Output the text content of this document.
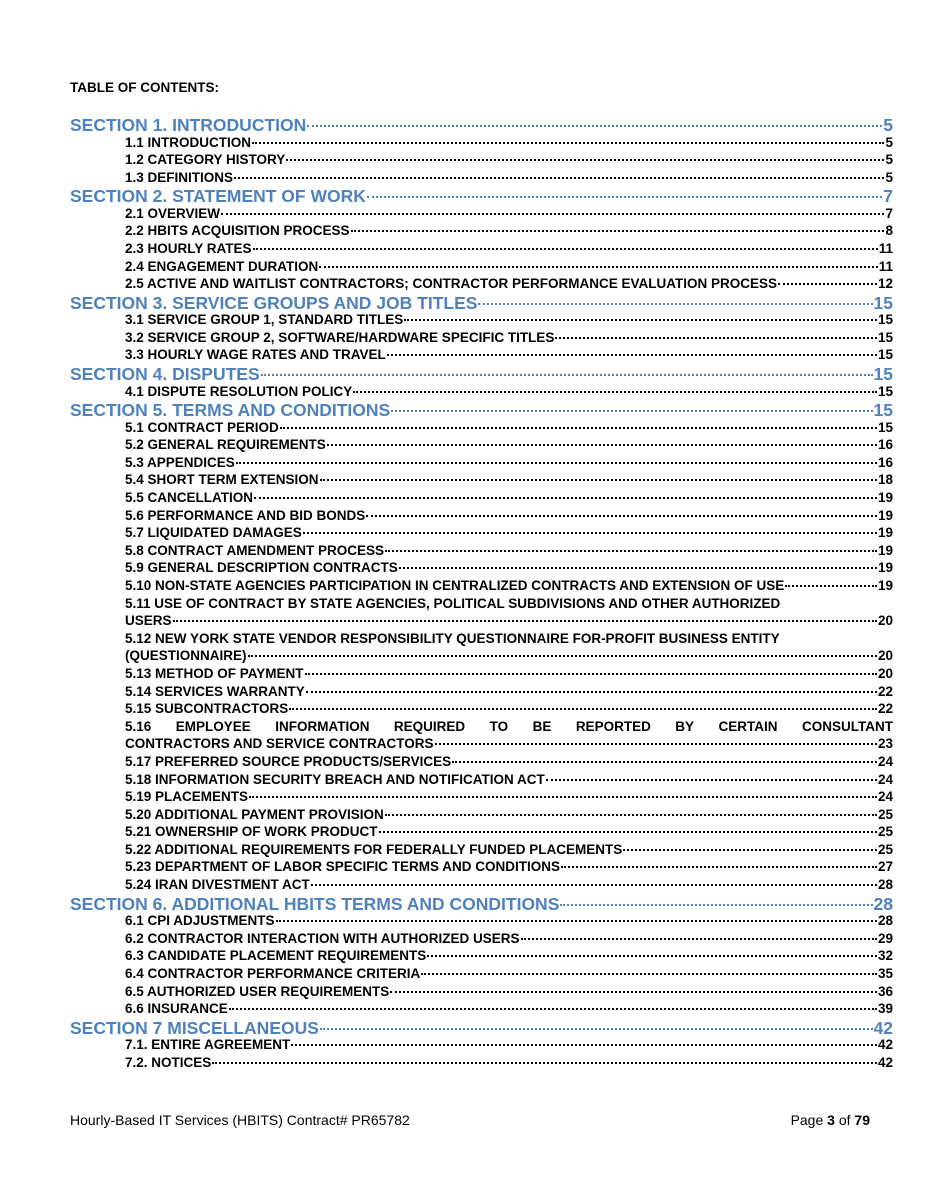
TABLE OF CONTENTS:
SECTION 1. INTRODUCTION	5
1.1 INTRODUCTION	5
1.2 CATEGORY HISTORY	5
1.3 DEFINITIONS	5
SECTION 2. STATEMENT OF WORK	7
2.1 OVERVIEW	7
2.2 HBITS ACQUISITION PROCESS	8
2.3 HOURLY RATES	11
2.4 ENGAGEMENT DURATION	11
2.5 ACTIVE AND WAITLIST CONTRACTORS; CONTRACTOR PERFORMANCE EVALUATION PROCESS	12
SECTION 3. SERVICE GROUPS AND JOB TITLES	15
3.1 SERVICE GROUP 1, STANDARD TITLES	15
3.2 SERVICE GROUP 2, SOFTWARE/HARDWARE SPECIFIC TITLES	15
3.3 HOURLY WAGE RATES AND TRAVEL	15
SECTION 4. DISPUTES	15
4.1 DISPUTE RESOLUTION POLICY	15
SECTION 5. TERMS AND CONDITIONS	15
5.1 CONTRACT PERIOD	15
5.2 GENERAL REQUIREMENTS	16
5.3 APPENDICES	16
5.4 SHORT TERM EXTENSION	18
5.5 CANCELLATION	19
5.6 PERFORMANCE AND BID BONDS	19
5.7 LIQUIDATED DAMAGES	19
5.8 CONTRACT AMENDMENT PROCESS	19
5.9 GENERAL DESCRIPTION CONTRACTS	19
5.10 NON-STATE AGENCIES PARTICIPATION IN CENTRALIZED CONTRACTS AND EXTENSION OF USE	19
5.11 USE OF CONTRACT BY STATE AGENCIES, POLITICAL SUBDIVISIONS AND OTHER AUTHORIZED
USERS	20
5.12 NEW YORK STATE VENDOR RESPONSIBILITY QUESTIONNAIRE FOR-PROFIT BUSINESS ENTITY
(QUESTIONNAIRE)	20
5.13 METHOD OF PAYMENT	20
5.14 SERVICES WARRANTY	22
5.15 SUBCONTRACTORS	22
5.16 EMPLOYEE INFORMATION REQUIRED TO BE REPORTED BY CERTAIN CONSULTANT
CONTRACTORS AND SERVICE CONTRACTORS	23
5.17 PREFERRED SOURCE PRODUCTS/SERVICES	24
5.18 INFORMATION SECURITY BREACH AND NOTIFICATION ACT	24
5.19 PLACEMENTS	24
5.20 ADDITIONAL PAYMENT PROVISION	25
5.21 OWNERSHIP OF WORK PRODUCT	25
5.22 ADDITIONAL REQUIREMENTS FOR FEDERALLY FUNDED PLACEMENTS	25
5.23 DEPARTMENT OF LABOR SPECIFIC TERMS AND CONDITIONS	27
5.24 IRAN DIVESTMENT ACT	28
SECTION 6. ADDITIONAL HBITS TERMS AND CONDITIONS	28
6.1 CPI ADJUSTMENTS	28
6.2 CONTRACTOR INTERACTION WITH AUTHORIZED USERS	29
6.3 CANDIDATE PLACEMENT REQUIREMENTS	32
6.4 CONTRACTOR PERFORMANCE CRITERIA	35
6.5 AUTHORIZED USER REQUIREMENTS	36
6.6 INSURANCE	39
SECTION 7 MISCELLANEOUS	42
7.1. ENTIRE AGREEMENT	42
7.2. NOTICES	42
Hourly-Based IT Services (HBITS) Contract# PR65782	Page 3 of 79
